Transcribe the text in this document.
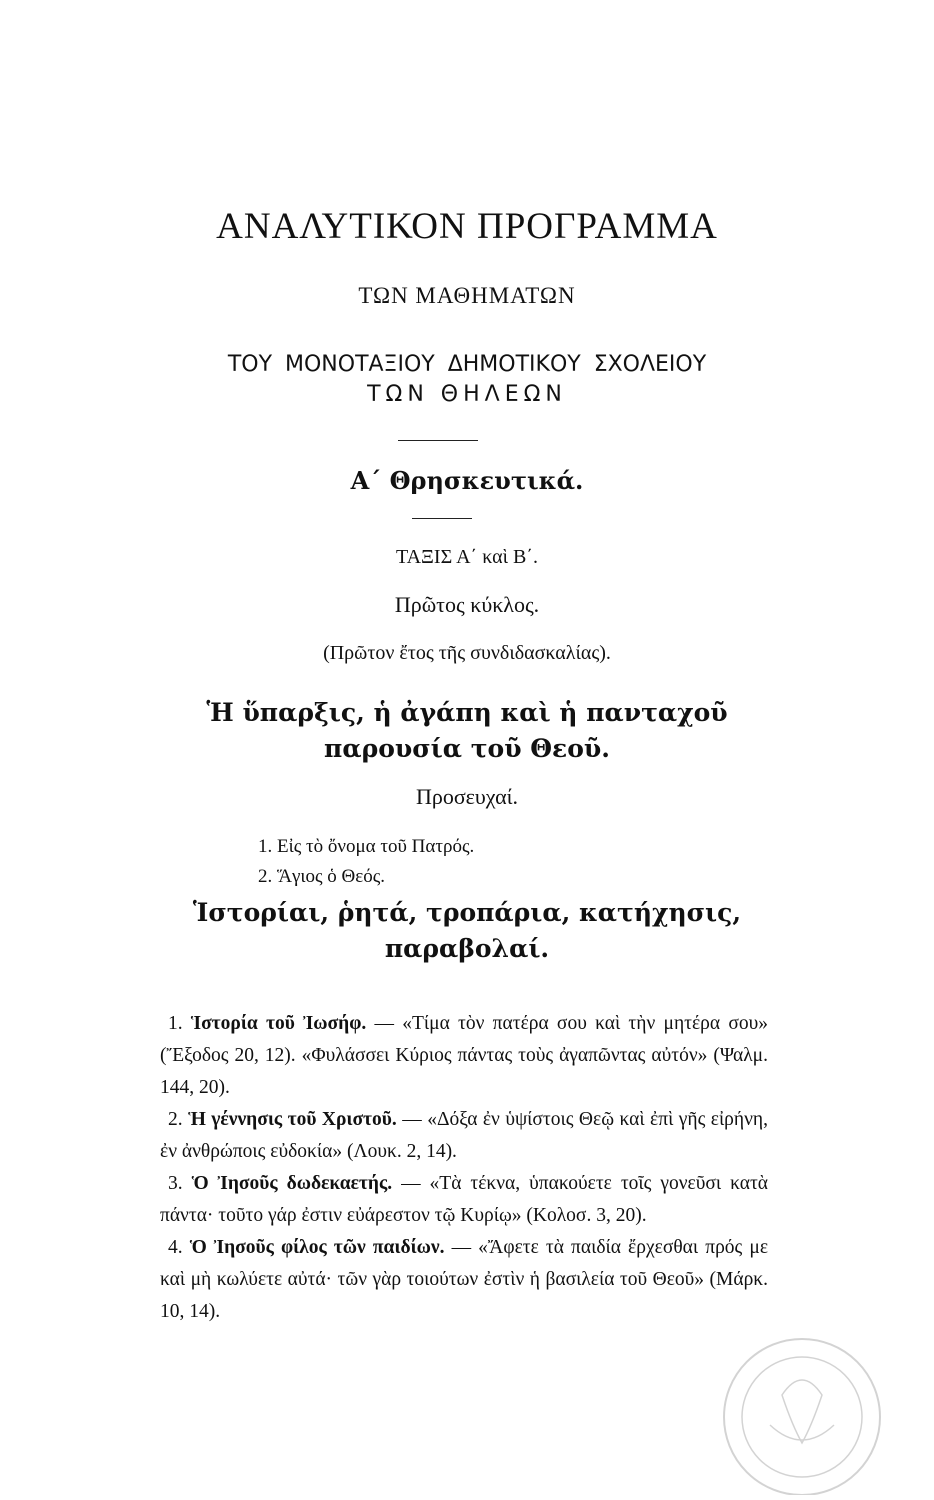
ΑΝΑΛΥΤΙΚΟΝ ΠΡΟΓΡΑΜΜΑ
ΤΩΝ ΜΑΘΗΜΑΤΩΝ
ΤΟΥ ΜΟΝΟΤΑΞΙΟΥ ΔΗΜΟΤΙΚΟΥ ΣΧΟΛΕΙΟΥ
ΤΩΝ ΘΗΛΕΩΝ
Α΄ Θρησκευτικά.
ΤΑΞΙΣ Α΄ καὶ Β΄.
Πρῶτος κύκλος.
(Πρῶτον ἔτος τῆς συνδιδασκαλίας).
Ἡ ὕπαρξις, ἡ ἀγάπη καὶ ἡ πανταχοῦ
παρουσία τοῦ Θεοῦ.
Προσευχαί.
1. Εἰς τὸ ὄνομα τοῦ Πατρός.
2. Ἅγιος ὁ Θεός.
Ἱστορίαι, ῥητά, τροπάρια, κατήχησις,
παραβολαί.

1. Ἱστορία τοῦ Ἰωσήφ. — «Τίμα τὸν πατέρα σου καὶ τὴν μητέρα σου» (Ἔξοδος 20, 12). «Φυλάσσει Κύριος πάντας τοὺς ἀγαπῶντας αὐτόν» (Ψαλμ. 144, 20).

2. Ἡ γέννησις τοῦ Χριστοῦ. — «Δόξα ἐν ὑψίστοις Θεῷ καὶ ἐπὶ γῆς εἰρήνη, ἐν ἀνθρώποις εὐδοκία» (Λουκ. 2, 14).

3. Ὁ Ἰησοῦς δωδεκαετής. — «Τὰ τέκνα, ὑπακούετε τοῖς γονεῦσι κατὰ πάντα· τοῦτο γάρ ἐστιν εὐάρεστον τῷ Κυρίῳ» (Κολοσ. 3, 20).

4. Ὁ Ἰησοῦς φίλος τῶν παιδίων. — «Ἄφετε τὰ παιδία ἔρχεσθαι πρός με καὶ μὴ κωλύετε αὐτά· τῶν γὰρ τοιούτων ἐστὶν ἡ βασιλεία τοῦ Θεοῦ» (Μάρκ. 10, 14).
